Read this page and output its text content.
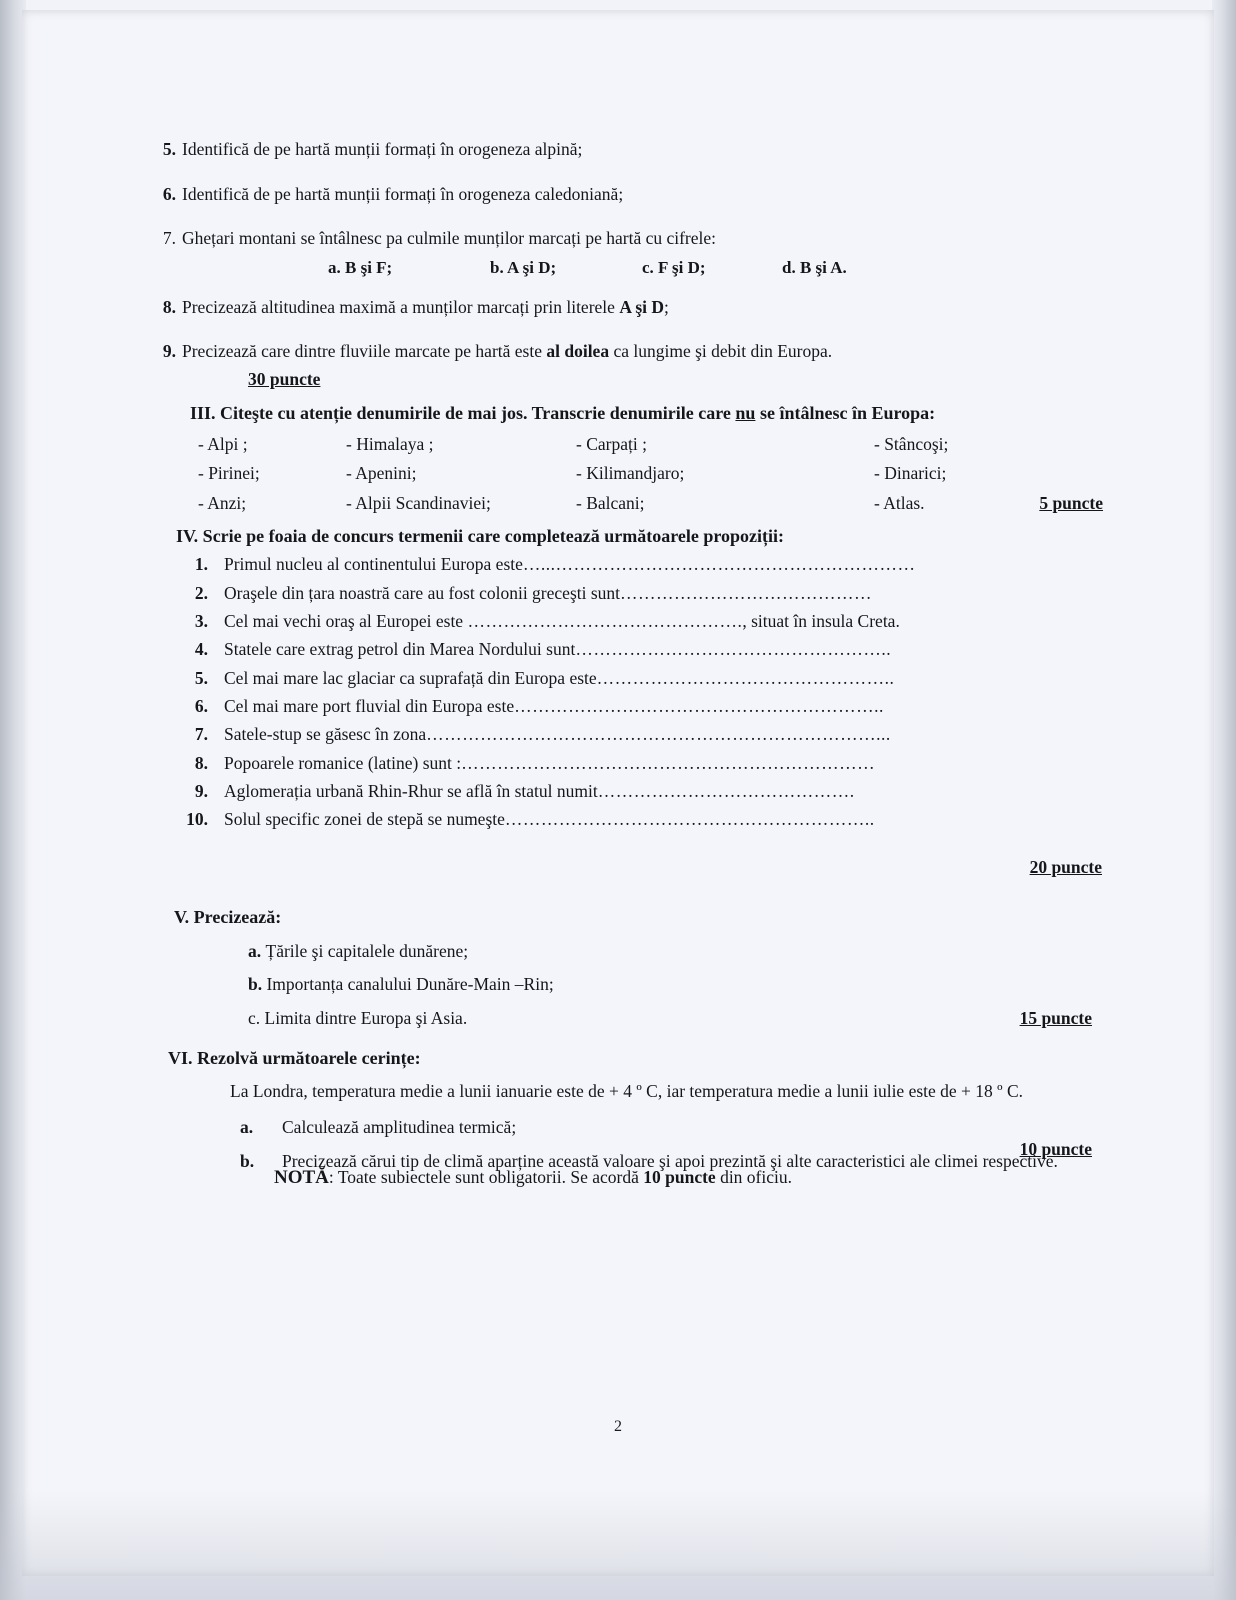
5. Identifică de pe hartă munții formați în orogeneza alpină;
6. Identifică de pe hartă munții formați în orogeneza caledoniană;
7. Ghețari montani se întâlnesc pa culmile munților marcați pe hartă cu cifrele:
a. B şi F;	b. A şi D;	c. F şi D;	d. B şi A.
8. Precizează altitudinea maximă a munților marcați prin literele A şi D;
9. Precizează care dintre fluviile marcate pe hartă este al doilea ca lungime şi debit din Europa.
30 puncte
III. Citeşte cu atenție denumirile de mai jos. Transcrie denumirile care nu se întâlnesc în Europa:
- Alpi ;	- Himalaya ;	- Carpați ;	- Stâncoşi;
- Pirinei;	- Apenini;	- Kilimandjaro;	- Dinarici;
- Anzi;	- Alpii Scandinaviei;	- Balcani;	- Atlas.	5 puncte
IV. Scrie pe foaia de concurs termenii care completează următoarele propoziții:
1. Primul nucleu al continentului Europa este…...……………………………………………………
2. Oraşele din țara noastră care au fost colonii greceşti sunt……………………………………
3. Cel mai vechi oraş al Europei este ………………………………………., situat în insula Creta.
4. Statele care extrag petrol din Marea Nordului sunt……………………………………………..
5. Cel mai mare lac glaciar ca suprafață din Europa este…………………………………………..
6. Cel mai mare port fluvial din Europa este……………………………………………………..
7. Satele-stup se găsesc în zona…………………………………………………………………...
8. Popoarele romanice (latine) sunt :……………………………………………………………
9. Aglomerația urbană Rhin-Rhur se află în statul numit…………………………………….
10. Solul specific zonei de stepă se numeşte……………………………………………………..
20 puncte
V. Precizează:
a. Țările şi capitalele dunărene;
b. Importanța canalului Dunăre-Main –Rin;
c. Limita dintre Europa şi Asia.	15 puncte
VI. Rezolvă următoarele cerințe:
La Londra, temperatura medie a lunii ianuarie este de + 4 º C, iar temperatura medie a lunii iulie este de + 18 º C.
a. Calculează amplitudinea termică;
b. Precizează cărui tip de climă aparține această valoare şi apoi prezintă şi alte caracteristici ale climei respective.
NOTĂ: Toate subiectele sunt obligatorii. Se acordă 10 puncte din oficiu.
10 puncte
2
